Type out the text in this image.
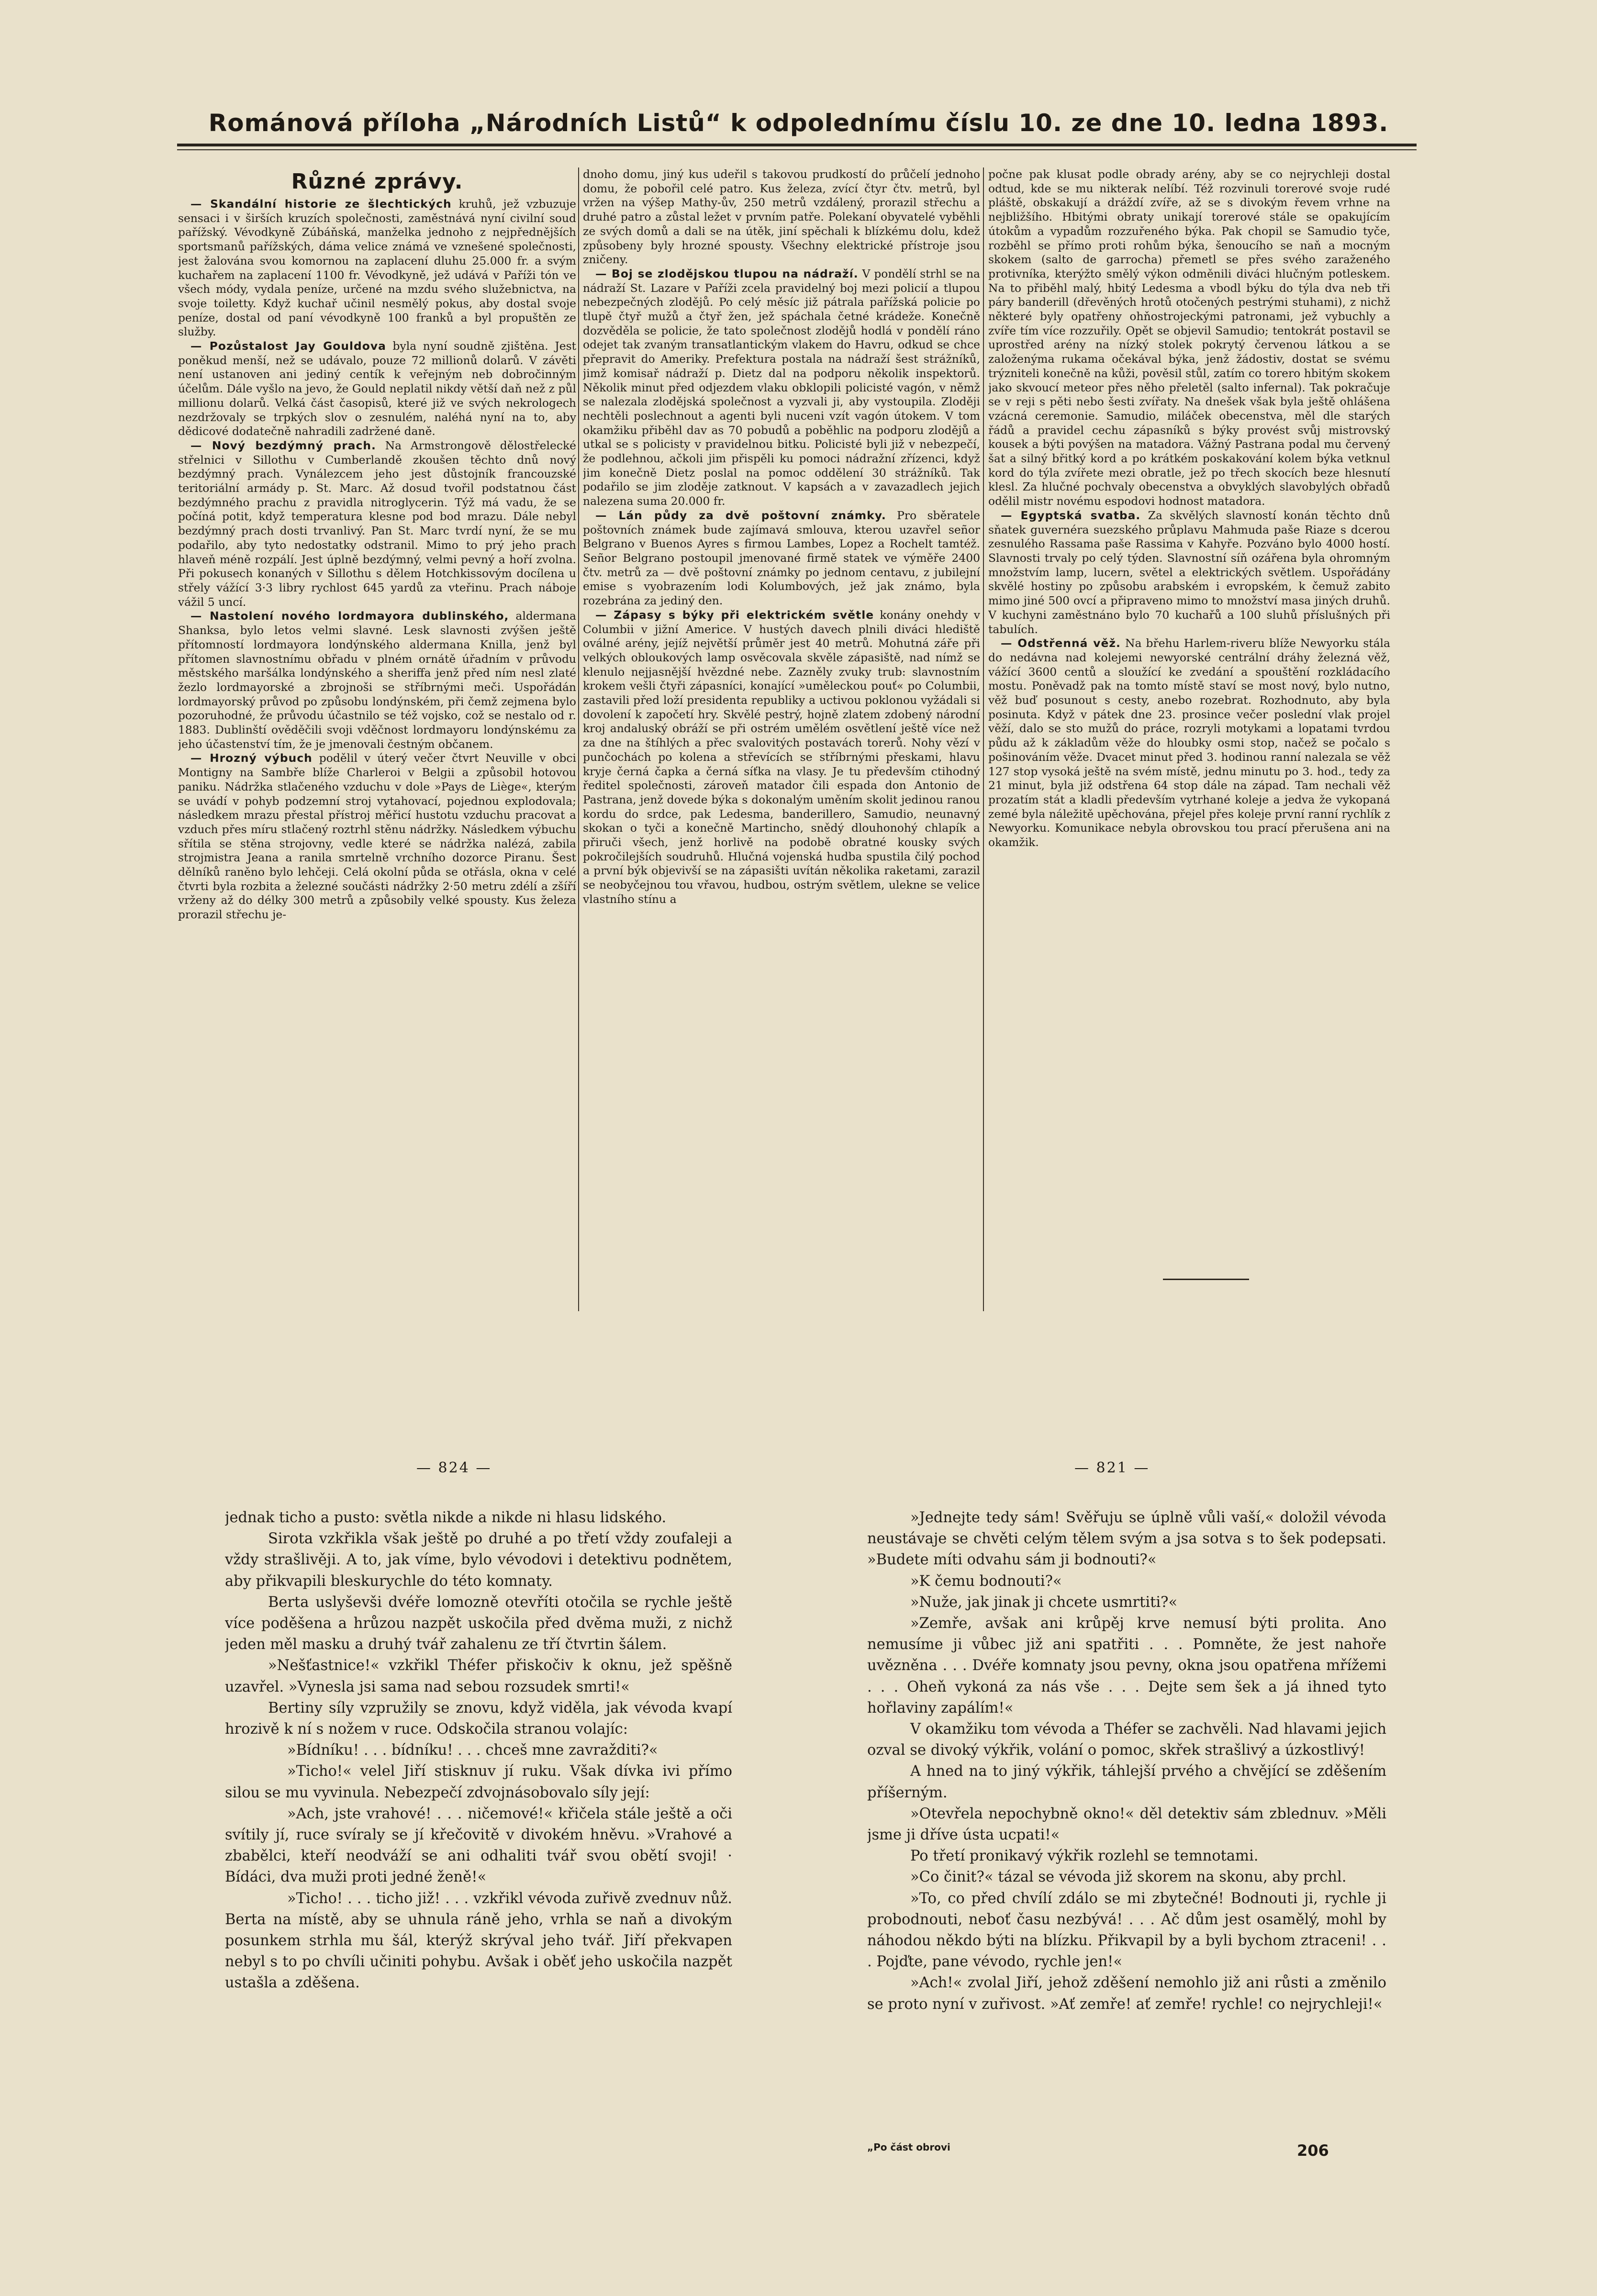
Románová příloha „Národních Listů“ k odpolednímu číslu 10. ze dne 10. ledna 1893.
Různé zprávy.

— Skandální historie ze šlechtických kruhů, jež vzbuzuje sensaci i v širších kruzích společnosti, zaměstnává nyní civilní soud pařížský. Vévodkyně Zúbáňská, manželka jednoho z nejpřednějších sportsmanů pařížských, dáma velice známá ve vznešené společnosti, jest žalována svou komornou na zaplacení dluhu 25.000 fr. a svým kuchařem na zaplacení 1100 fr. Vévodkyně, jež udává v Paříži tón ve všech módy, vydala peníze, určené na mzdu svého služebnictva, na svoje toiletty. Když kuchař učinil nesmělý pokus, aby dostal svoje peníze, dostal od paní vévodkyně 100 franků a byl propuštěn ze služby.

— Pozůstalost Jay Gouldova byla nyní soudně zjištěna. Jest poněkud menší, než se udávalo, pouze 72 millionů dolarů. V závěti není ustanoven ani jediný centík k veřejným neb dobročinným účelům. Dále vyšlo na jevo, že Gould neplatil nikdy větší daň než z půl millionu dolarů. Velká část časopisů, které již ve svých nekrologech nezdržovaly se trpkých slov o zesnulém, naléhá nyní na to, aby dědicové dodatečně nahradili zadržené daně.

— Nový bezdýmný prach. Na Armstrongově dělostřelecké střelnici v Sillothu v Cumberlandě zkoušen těchto dnů nový bezdýmný prach. Vynálezcem jeho jest důstojník francouzské teritoriální armády p. St. Marc. Až dosud tvořil podstatnou část bezdýmného prachu z pravidla nitroglycerin. Týž má vadu, že se počíná potit, když temperatura klesne pod bod mrazu. Dále nebyl bezdýmný prach dosti trvanlivý. Pan St. Marc tvrdí nyní, že se mu podařilo, aby tyto nedostatky odstranil. Mimo to prý jeho prach hlaveň méně rozpálí. Jest úplně bezdýmný, velmi pevný a hoří zvolna. Při pokusech konaných v Sillothu s dělem Hotchkissovým docílena u střely vážící 3·3 libry rychlost 645 yardů za vteřinu. Prach náboje vážil 5 uncí.

— Nastolení nového lordmayora dublinského, aldermana Shanksa, bylo letos velmi slavné. Lesk slavnosti zvýšen ještě přítomností lordmayora londýnského aldermana Knilla, jenž byl přítomen slavnostnímu obřadu v plném ornátě úřadním v průvodu městského maršálka londýnského a sheriffa jenž před ním nesl zlaté žezlo lordmayorské a zbrojnoši se stříbrnými meči. Uspořádán lordmayorský průvod po způsobu londýnském, při čemž zejmena bylo pozoruhodné, že průvodu účastnilo se též vojsko, což se nestalo od r. 1883. Dublinští ověděčili svoji vděčnost lordmayoru londýnskému za jeho účastenství tím, že je jmenovali čestným občanem.

— Hrozný výbuch podělil v úterý večer čtvrt Neuville v obci Montigny na Sambře blíže Charleroi v Belgii a způsobil hotovou paniku. Nádržka stlačeného vzduchu v dole »Pays de Liège«, kterým se uvádí v pohyb podzemní stroj vytahovací, pojednou explodovala; následkem mrazu přestal přístroj měřicí hustotu vzduchu pracovat a vzduch přes míru stlačený roztrhl stěnu nádržky. Následkem výbuchu sřítila se stěna strojovny, vedle které se nádržka nalézá, zabila strojmistra Jeana a ranila smrtelně vrchního dozorce Piranu. Šest dělníků raněno bylo lehčeji. Celá okolní půda se otřásla, okna v celé čtvrti byla rozbita a železné součásti nádržky 2·50 metru zdélí a zšíří vrženy až do délky 300 metrů a způsobily velké spousty. Kus železa prorazil střechu je-

dnoho domu, jiný kus udeřil s takovou prudkostí do průčelí jednoho domu, že pobořil celé patro. Kus železa, zvící čtyr čtv. metrů, byl vržen na výšep Mathy-ův, 250 metrů vzdálený, prorazil střechu a druhé patro a zůstal ležet v prvním patře. Polekaní obyvatelé vyběhli ze svých domů a dali se na útěk, jiní spěchali k blízkému dolu, kdež způsobeny byly hrozné spousty. Všechny elektrické přístroje jsou zničeny.

— Boj se zlodějskou tlupou na nádraží. V pondělí strhl se na nádraží St. Lazare v Paříži zcela pravidelný boj mezi policií a tlupou nebezpečných zlodějů. Po celý měsíc již pátrala pařížská policie po tlupě čtyř mužů a čtyř žen, jež spáchala četné krádeže. Konečně dozvěděla se policie, že tato společnost zlodějů hodlá v pondělí ráno odejet tak zvaným transatlantickým vlakem do Havru, odkud se chce přepravit do Ameriky. Prefektura postala na nádraží šest strážníků, jimž komisař nádraží p. Dietz dal na podporu několik inspektorů. Několik minut před odjezdem vlaku obklopili policisté vagón, v němž se nalezala zlodějská společnost a vyzvali ji, aby vystoupila. Zloději nechtěli poslechnout a agenti byli nuceni vzít vagón útokem. V tom okamžiku přiběhl dav as 70 pobudů a poběhlic na podporu zlodějů a utkal se s policisty v pravidelnou bitku. Policisté byli již v nebezpečí, že podlehnou, ačkoli jim přispěli ku pomoci nádražní zřízenci, když jim konečně Dietz poslal na pomoc oddělení 30 strážníků. Tak podařilo se jim zloděje zatknout. V kapsách a v zavazadlech jejich nalezena suma 20.000 fr.

— Lán půdy za dvě poštovní známky. Pro sběratele poštovních známek bude zajímavá smlouva, kterou uzavřel señor Belgrano v Buenos Ayres s firmou Lambes, Lopez a Rochelt tamtéž. Señor Belgrano postoupil jmenované firmě statek ve výměře 2400 čtv. metrů za — dvě poštovní známky po jednom centavu, z jubilejní emise s vyobrazením lodi Kolumbových, jež jak známo, byla rozebrána za jediný den.

— Zápasy s býky při elektrickém světle konány onehdy v Columbii v jižní Americe. V hustých davech plnili diváci hlediště oválné arény, jejíž největší průměr jest 40 metrů. Mohutná záře při velkých obloukových lamp osvěcovala skvěle zápasiště, nad nímž se klenulo nejjasnější hvězdné nebe. Zazněly zvuky trub: slavnostním krokem vešli čtyři zápasníci, konající »uměleckou pouť« po Columbii, zastavili před loží presidenta republiky a uctivou poklonou vyžádali si dovolení k započetí hry. Skvělé pestrý, hojně zlatem zdobený národní kroj andaluský obráží se při ostrém umělém osvětlení ještě více než za dne na štíhlých a přec svalovitých postavách torerů. Nohy vězí v punčochách po kolena a střevících se stříbrnými přeskami, hlavu kryje černá čapka a černá síťka na vlasy. Je tu především ctihodný ředitel společnosti, zároveň matador čili espada don Antonio de Pastrana, jenž dovede býka s dokonalým uměním skolit jedinou ranou kordu do srdce, pak Ledesma, banderillero, Samudio, neunavný skokan o tyči a konečně Martincho, snědý dlouhonohý chlapík a přiruči všech, jenž horlivě na podobě obratné kousky svých pokročilejších soudruhů. Hlučná vojenská hudba spustila čilý pochod a první býk objevivší se na zápasišti uvítán několika raketami, zarazil se neobyčejnou tou vřavou, hudbou, ostrým světlem, ulekne se velice vlastního stínu a

počne pak klusat podle obrady arény, aby se co nejrychleji dostal odtud, kde se mu nikterak nelíbí. Též rozvinuli torerové svoje rudé pláště, obskakují a dráždí zvíře, až se s divokým řevem vrhne na nejbližšího. Hbitými obraty unikají torerové stále se opakujícím útokům a vypadům rozzuřeného býka. Pak chopil se Samudio tyče, rozběhl se přímo proti rohům býka, šenoucího se naň a mocným skokem (salto de garrocha) přemetl se přes svého zaraženého protivníka, kterýžto smělý výkon odměnili diváci hlučným potleskem. Na to přiběhl malý, hbitý Ledesma a vbodl býku do týla dva neb tři páry banderill (dřevěných hrotů otočených pestrými stuhami), z nichž některé byly opatřeny ohňostrojeckými patronami, jež vybuchly a zvíře tím více rozzuřily. Opět se objevil Samudio; tentokrát postavil se uprostřed arény na nízký stolek pokrytý červenou látkou a se založenýma rukama očekával býka, jenž žádostiv, dostat se svému trýzniteli konečně na kůži, pověsil stůl, zatím co torero hbitým skokem jako skvoucí meteor přes něho přeletěl (salto infernal). Tak pokračuje se v reji s pěti nebo šesti zvířaty. Na dnešek však byla ještě ohlášena vzácná ceremonie. Samudio, miláček obecenstva, měl dle starých řádů a pravidel cechu zápasníků s býky provést svůj mistrovský kousek a býti povýšen na matadora. Vážný Pastrana podal mu červený šat a silný břitký kord a po krátkém poskakování kolem býka vetknul kord do týla zvířete mezi obratle, jež po třech skocích beze hlesnutí klesl. Za hlučné pochvaly obecenstva a obvyklých slavobylých obřadů odělil mistr novému espodovi hodnost matadora.

— Egyptská svatba. Za skvělých slavností konán těchto dnů sňatek guvernéra suezského průplavu Mahmuda paše Riaze s dcerou zesnulého Rassama paše Rassima v Kahyře. Pozváno bylo 4000 hostí. Slavnosti trvaly po celý týden. Slavnostní síň ozářena byla ohromným množstvím lamp, lucern, světel a elektrických světlem. Uspořádány skvělé hostiny po způsobu arabském i evropském, k čemuž zabito mimo jiné 500 ovcí a připraveno mimo to množství masa jiných druhů. V kuchyni zaměstnáno bylo 70 kuchařů a 100 sluhů příslušných při tabulích.

— Odstřenná věž. Na břehu Harlem-riveru blíže Newyorku stála do nedávna nad kolejemi newyorské centrální dráhy železná věž, vážící 3600 centů a sloužící ke zvedání a spouštění rozkládacího mostu. Poněvadž pak na tomto místě staví se most nový, bylo nutno, věž buď posunout s cesty, anebo rozebrat. Rozhodnuto, aby byla posinuta. Když v pátek dne 23. prosince večer poslední vlak projel věží, dalo se sto mužů do práce, rozryli motykami a lopatami tvrdou půdu až k základům věže do hloubky osmi stop, načež se počalo s pošinováním věže. Dvacet minut před 3. hodinou ranní nalezala se věž 127 stop vysoká ještě na svém místě, jednu minutu po 3. hod., tedy za 21 minut, byla již odstřena 64 stop dále na západ. Tam nechali věž prozatím stát a kladli především vytrhané koleje a jedva že vykopaná zemé byla náležitě upěchována, přejel přes koleje první ranní rychlík z Newyorku. Komunikace nebyla obrovskou tou prací přerušena ani na okamžik.

— 824 —	— 821 —

jednak ticho a pusto: světla nikde a nikde ni hlasu lidského.

Sirota vzkřikla však ještě po druhé a po třetí vždy zoufaleji a vždy strašlivěji. A to, jak víme, bylo vévodovi i detektivu podnětem, aby přikvapili bleskurychle do této komnaty.

Berta uslyševši dvéře lomozně otevříti otočila se rychle ještě více poděšena a hrůzou nazpět uskočila před dvěma muži, z nichž jeden měl masku a druhý tvář zahalenu ze tří čtvrtin šálem.

»Nešťastnice!« vzkřikl Théfer přiskočiv k oknu, jež spěšně uzavřel. »Vynesla jsi sama nad sebou rozsudek smrti!«

Bertiny síly vzpružily se znovu, když viděla, jak vévoda kvapí hrozivě k ní s nožem v ruce. Odskočila stranou volajíc:

»Bídníku! . . . bídníku! . . . chceš mne zavražditi?«

»Ticho!« velel Jiří stisknuv jí ruku. Však dívka ivi přímo silou se mu vyvinula. Nebezpečí zdvojnásobovalo síly její:

»Ach, jste vrahové! . . . ničemové!« křičela stále ještě a oči svítily jí, ruce svíraly se jí křečovitě v divokém hněvu. »Vrahové a zbabělci, kteří neodváží se ani odhaliti tvář svou obětí svoji! · Bídáci, dva muži proti jedné ženě!«

»Ticho! . . . ticho již! . . . vzkřikl vévoda zuřivě zvednuv nůž. Berta na místě, aby se uhnula ráně jeho, vrhla se naň a divokým posunkem strhla mu šál, kterýž skrýval jeho tvář. Jiří překvapen nebyl s to po chvíli učiniti pohybu. Avšak i oběť jeho uskočila nazpět ustašla a zděšena.

»Jednejte tedy sám! Svěřuju se úplně vůli vaší,« doložil vévoda neustávaje se chvěti celým tělem svým a jsa sotva s to šek podepsati. »Budete míti odvahu sám ji bodnouti?«

»K čemu bodnouti?«

»Nuže, jak jinak ji chcete usmrtiti?«

»Zemře, avšak ani krůpěj krve nemusí býti prolita. Ano nemusíme ji vůbec již ani spatřiti . . . Pomněte, že jest nahoře uvězněna . . . Dvéře komnaty jsou pevny, okna jsou opatřena mřížemi . . . Oheň vykoná za nás vše . . . Dejte sem šek a já ihned tyto hořlaviny zapálím!«

V okamžiku tom vévoda a Théfer se zachvěli. Nad hlavami jejich ozval se divoký výkřik, volání o pomoc, skřek strašlivý a úzkostlivý!

A hned na to jiný výkřik, táhlejší prvého a chvějící se zděšením příšerným.

»Otevřela nepochybně okno!« děl detektiv sám zblednuv. »Měli jsme ji dříve ústa ucpati!«

Po třetí pronikavý výkřik rozlehl se temnotami.

»Co činit?« tázal se vévoda již skorem na skonu, aby prchl.

»To, co před chvílí zdálo se mi zbytečné! Bodnouti ji, rychle ji probodnouti, neboť času nezbývá! . . . Ač dům jest osamělý, mohl by náhodou někdo býti na blízku. Přikvapil by a byli bychom ztraceni! . . . Pojďte, pane vévodo, rychle jen!«

»Ach!« zvolal Jiří, jehož zděšení nemohlo již ani růsti a změnilo se proto nyní v zuřivost. »Ať zemře! ať zemře! rychle! co nejrychleji!«

„Po část obrovi	206
